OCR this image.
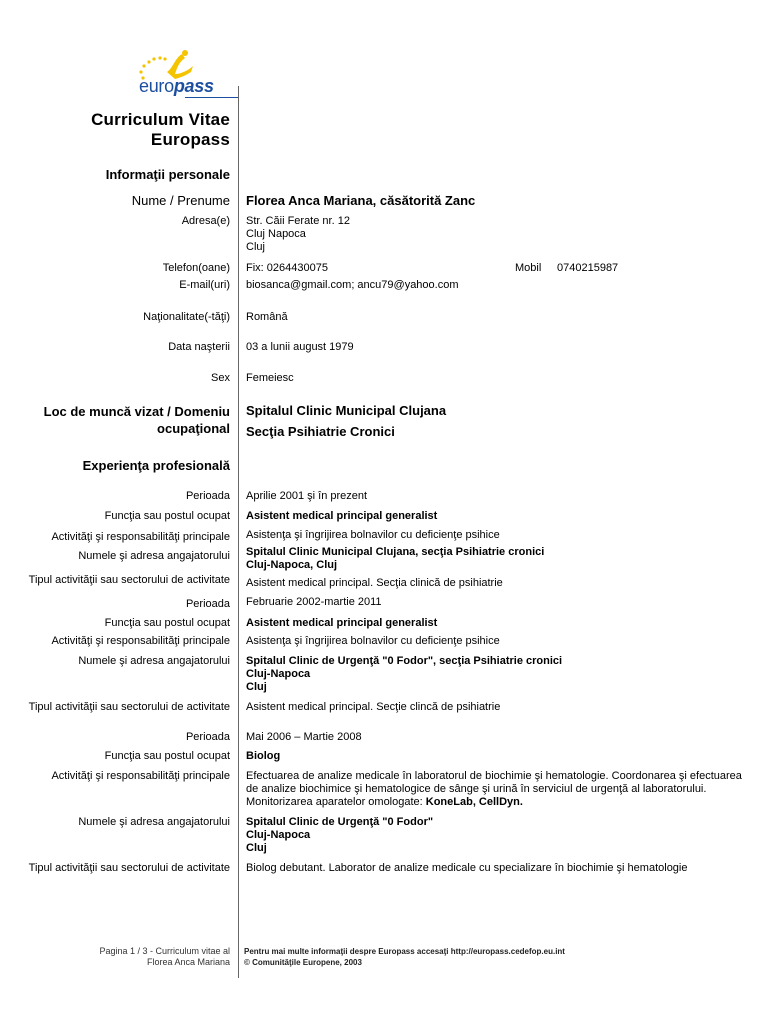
europass
Curriculum Vitae
Europass
Informaţii personale
Nume / Prenume Florea Anca Mariana, căsătorită Zanc
Adresa(e) Str. Căii Ferate nr. 12
Cluj Napoca
Cluj
Telefon(oane) Fix: 0264430075	Mobil 0740215987
E-mail(uri) biosanca@gmail.com; ancu79@yahoo.com
Naţionalitate(-tăţi) Română
Data naşterii 03 a lunii august 1979
Sex Femeiesc
Loc de muncă vizat / Domeniu
ocupaţional
Spitalul Clinic Municipal Clujana
Secţia Psihiatrie Cronici
Experienţa profesională
Perioada Aprilie 2001 şi în prezent
Funcţia sau postul ocupat Asistent medical principal generalist
Activităţi şi responsabilităţi principale Asistenţa şi îngrijirea bolnavilor cu deficienţe psihice
Numele şi adresa angajatorului Spitalul Clinic Municipal Clujana, secţia Psihiatrie cronici
Cluj-Napoca, Cluj
Tipul activităţii sau sectorului de activitate Asistent medical principal. Secţia clinică de psihiatrie
Perioada Februarie 2002-martie 2011
Funcţia sau postul ocupat Asistent medical principal generalist
Activităţi şi responsabilităţi principale Asistenţa şi îngrijirea bolnavilor cu deficienţe psihice
Numele şi adresa angajatorului Spitalul Clinic de Urgenţă "0 Fodor", secţia Psihiatrie cronici
Cluj-Napoca
Cluj
Tipul activităţii sau sectorului de activitate Asistent medical principal. Secţie clincă de psihiatrie
Perioada Mai 2006 – Martie 2008
Funcţia sau postul ocupat Biolog
Activităţi şi responsabilităţi principale Efectuarea de analize medicale în laboratorul de biochimie şi hematologie. Coordonarea şi efectuarea
de analize biochimice şi hematologice de sânge şi urină în serviciul de urgenţă al laboratorului.
Monitorizarea aparatelor omologate: KoneLab, CellDyn.
Numele şi adresa angajatorului Spitalul Clinic de Urgenţă "0 Fodor"
Cluj-Napoca
Cluj
Tipul activităţii sau sectorului de activitate Biolog debutant. Laborator de analize medicale cu specializare în biochimie şi hematologie
Pagina 1 / 3 - Curriculum vitae al
Florea Anca Mariana
Pentru mai multe informaţii despre Europass accesaţi http://europass.cedefop.eu.int
© Comunităţile Europene, 2003
